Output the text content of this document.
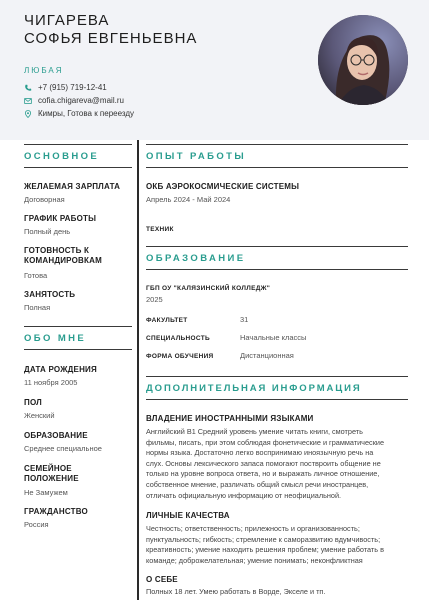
ЧИГАРЕВА
СОФЬЯ ЕВГЕНЬЕВНА
ЛЮБАЯ
+7 (915) 719-12-41
cofia.chigareva@mail.ru
Кимры, Готова к переезду
ОСНОВНОЕ
ЖЕЛАЕМАЯ ЗАРПЛАТА
Договорная
ГРАФИК РАБОТЫ
Полный день
ГОТОВНОСТЬ К КОМАНДИРОВКАМ
Готова
ЗАНЯТОСТЬ
Полная
ОБО МНЕ
ДАТА РОЖДЕНИЯ
11 ноября 2005
ПОЛ
Женский
ОБРАЗОВАНИЕ
Среднее специальное
СЕМЕЙНОЕ ПОЛОЖЕНИЕ
Не Замужем
ГРАЖДАНСТВО
Россия
ОПЫТ РАБОТЫ
ОКБ АЭРОКОСМИЧЕСКИЕ СИСТЕМЫ
Апрель 2024 - Май 2024
ТЕХНИК
ОБРАЗОВАНИЕ
ГБП ОУ "КАЛЯЗИНСКИЙ КОЛЛЕДЖ"
2025
ФАКУЛЬТЕТ	31
СПЕЦИАЛЬНОСТЬ	Начальные классы
ФОРМА ОБУЧЕНИЯ	Дистанционная
ДОПОЛНИТЕЛЬНАЯ ИНФОРМАЦИЯ
ВЛАДЕНИЕ ИНОСТРАННЫМИ ЯЗЫКАМИ
Английский B1 Средний уровень умение читать книги, смотреть
фильмы, писать, при этом соблюдая фонетические и грамматические
нормы языка. Достаточно легко воспринимаю иноязычную речь на
слух. Основы лексического запаса помогают поствроить общение не
только на уровне вопроса ответа, но и выражать личное отношение,
собственное мнение, различать общий смысл речи иностранцев,
отличать официальную информацию от неофициальной.
ЛИЧНЫЕ КАЧЕСТВА
Честность; ответственность; прилежность и организованность;
пунктуальность; гибкость; стремление к саморазвитию вдумчивость;
креативность; умение находить решения проблем; умение работать в
команде; доброжелательная; умение понимать; неконфликтная
О СЕБЕ
Полных 18 лет. Умею работать в Ворде, Экселе и тп.
